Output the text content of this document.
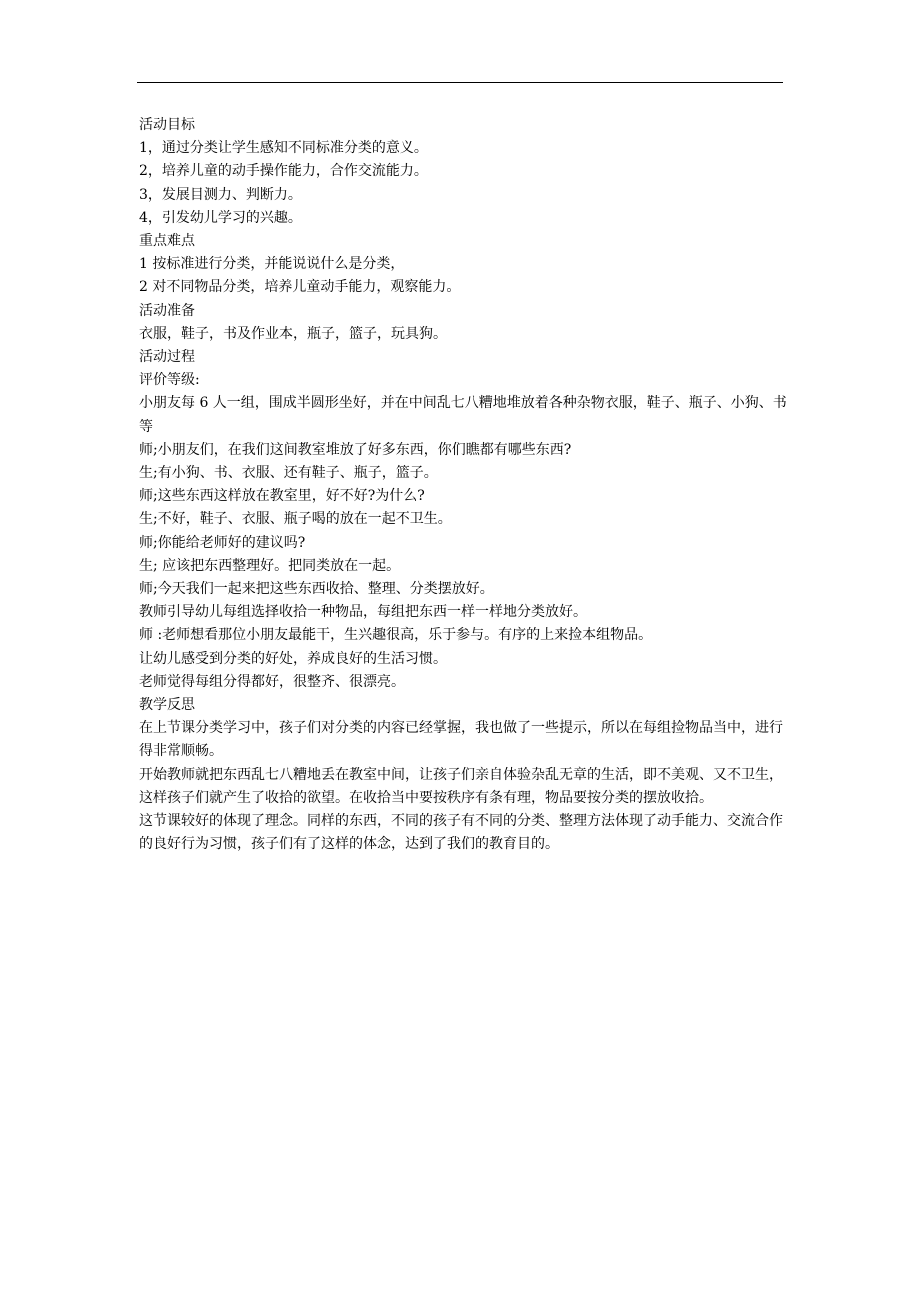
活动目标

1，通过分类让学生感知不同标准分类的意义。

2，培养儿童的动手操作能力，合作交流能力。

3，发展目测力、判断力。

4，引发幼儿学习的兴趣。

重点难点

1 按标准进行分类，并能说说什么是分类，

2 对不同物品分类，培养儿童动手能力，观察能力。

活动准备

衣服，鞋子，书及作业本，瓶子，篮子，玩具狗。

活动过程

评价等级:

小朋友每 6 人一组，围成半圆形坐好，并在中间乱七八糟地堆放着各种杂物衣服，鞋子、瓶子、小狗、书等

师;小朋友们，在我们这间教室堆放了好多东西，你们瞧都有哪些东西?

生;有小狗、书、衣服、还有鞋子、瓶子，篮子。

师;这些东西这样放在教室里，好不好?为什么?

生;不好，鞋子、衣服、瓶子喝的放在一起不卫生。

师;你能给老师好的建议吗?

生; 应该把东西整理好。把同类放在一起。

师;今天我们一起来把这些东西收拾、整理、分类摆放好。

教师引导幼儿每组选择收拾一种物品，每组把东西一样一样地分类放好。

师 :老师想看那位小朋友最能干，生兴趣很高，乐于参与。有序的上来捡本组物品。

让幼儿感受到分类的好处，养成良好的生活习惯。

老师觉得每组分得都好，很整齐、很漂亮。

教学反思

在上节课分类学习中，孩子们对分类的内容已经掌握，我也做了一些提示，所以在每组捡物品当中，进行得非常顺畅。

开始教师就把东西乱七八糟地丢在教室中间，让孩子们亲自体验杂乱无章的生活，即不美观、又不卫生，这样孩子们就产生了收拾的欲望。在收拾当中要按秩序有条有理，物品要按分类的摆放收拾。

这节课较好的体现了理念。同样的东西，不同的孩子有不同的分类、整理方法体现了动手能力、交流合作的良好行为习惯，孩子们有了这样的体念，达到了我们的教育目的。
